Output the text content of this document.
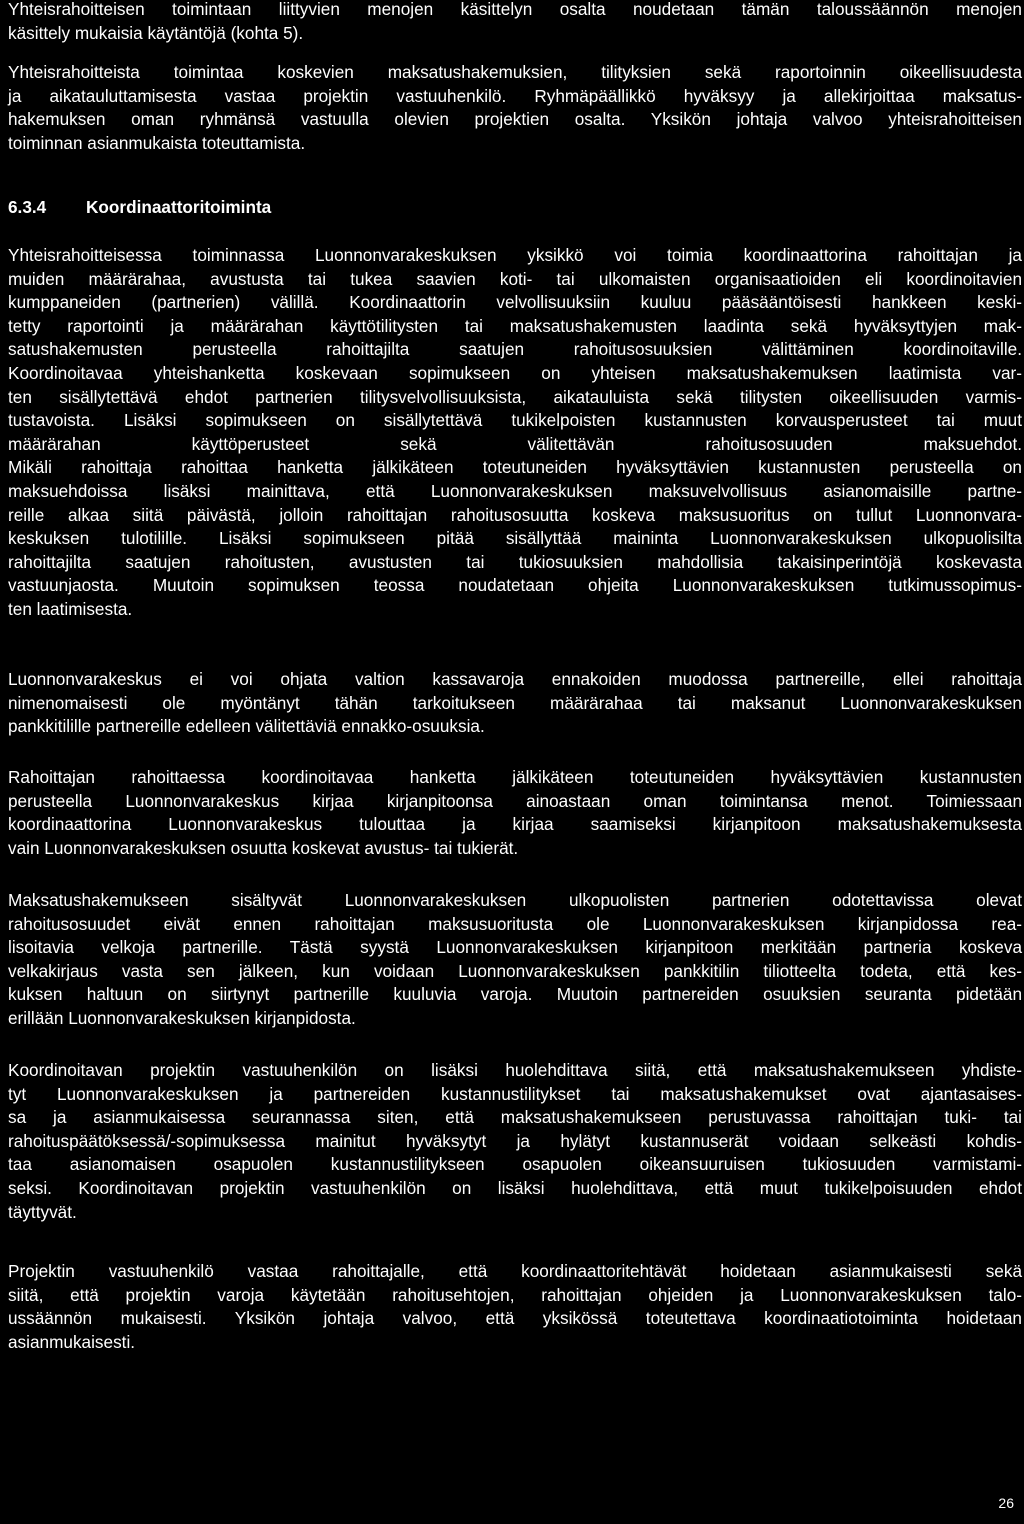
Yhteisrahoitteisen toimintaan liittyvien menojen käsittelyn osalta noudetaan tämän taloussäännön menojen
käsittely mukaisia käytäntöjä (kohta 5).

Yhteisrahoitteista toimintaa koskevien maksatushakemuksien, tilityksien sekä raportoinnin oikeellisuudesta
ja aikatauluttamisesta vastaa projektin vastuuhenkilö. Ryhmäpäällikkö hyväksyy ja allekirjoittaa maksatus-
hakemuksen oman ryhmänsä vastuulla olevien projektien osalta. Yksikön johtaja valvoo yhteisrahoitteisen
toiminnan asianmukaista toteuttamista.

6.3.4 Koordinaattoritoiminta

Yhteisrahoitteisessa toiminnassa Luonnonvarakeskuksen yksikkö voi toimia koordinaattorina rahoittajan ja
muiden määrärahaa, avustusta tai tukea saavien koti- tai ulkomaisten organisaatioiden eli koordinoitavien
kumppaneiden (partnerien) välillä. Koordinaattorin velvollisuuksiin kuuluu pääsääntöisesti hankkeen keski-
tetty raportointi ja määrärahan käyttötilitysten tai maksatushakemusten laadinta sekä hyväksyttyjen mak-
satushakemusten perusteella rahoittajilta saatujen rahoitusosuuksien välittäminen koordinoitaville.
Koordinoitavaa yhteishanketta koskevaan sopimukseen on yhteisen maksatushakemuksen laatimista var-
ten sisällytettävä ehdot partnerien tilitysvelvollisuuksista, aikatauluista sekä tilitysten oikeellisuuden varmis-
tustavoista. Lisäksi sopimukseen on sisällytettävä tukikelpoisten kustannusten korvausperusteet tai muut
määrärahan käyttöperusteet sekä välitettävän rahoitusosuuden maksuehdot.
Mikäli rahoittaja rahoittaa hanketta jälkikäteen toteutuneiden hyväksyttävien kustannusten perusteella on
maksuehdoissa lisäksi mainittava, että Luonnonvarakeskuksen maksuvelvollisuus asianomaisille partne-
reille alkaa siitä päivästä, jolloin rahoittajan rahoitusosuutta koskeva maksusuoritus on tullut Luonnonvara-
keskuksen tulotilille. Lisäksi sopimukseen pitää sisällyttää maininta Luonnonvarakeskuksen ulkopuolisilta
rahoittajilta saatujen rahoitusten, avustusten tai tukiosuuksien mahdollisia takaisinperintöjä koskevasta
vastuunjaosta. Muutoin sopimuksen teossa noudatetaan ohjeita Luonnonvarakeskuksen tutkimussopimus-
ten laatimisesta.

Luonnonvarakeskus ei voi ohjata valtion kassavaroja ennakoiden muodossa partnereille, ellei rahoittaja
nimenomaisesti ole myöntänyt tähän tarkoitukseen määrärahaa tai maksanut Luonnonvarakeskuksen
pankkitilille partnereille edelleen välitettäviä ennakko-osuuksia.

Rahoittajan rahoittaessa koordinoitavaa hanketta jälkikäteen toteutuneiden hyväksyttävien kustannusten
perusteella Luonnonvarakeskus kirjaa kirjanpitoonsa ainoastaan oman toimintansa menot. Toimiessaan
koordinaattorina Luonnonvarakeskus tulouttaa ja kirjaa saamiseksi kirjanpitoon maksatushakemuksesta
vain Luonnonvarakeskuksen osuutta koskevat avustus- tai tukierät.

Maksatushakemukseen sisältyvät Luonnonvarakeskuksen ulkopuolisten partnerien odotettavissa olevat
rahoitusosuudet eivät ennen rahoittajan maksusuoritusta ole Luonnonvarakeskuksen kirjanpidossa rea-
lisoitavia velkoja partnerille. Tästä syystä Luonnonvarakeskuksen kirjanpitoon merkitään partneria koskeva
velkakirjaus vasta sen jälkeen, kun voidaan Luonnonvarakeskuksen pankkitilin tiliotteelta todeta, että kes-
kuksen haltuun on siirtynyt partnerille kuuluvia varoja. Muutoin partnereiden osuuksien seuranta pidetään
erillään Luonnonvarakeskuksen kirjanpidosta.

Koordinoitavan projektin vastuuhenkilön on lisäksi huolehdittava siitä, että maksatushakemukseen yhdiste-
tyt Luonnonvarakeskuksen ja partnereiden kustannustilitykset tai maksatushakemukset ovat ajantasaises-
sa ja asianmukaisessa seurannassa siten, että maksatushakemukseen perustuvassa rahoittajan tuki- tai
rahoituspäätöksessä/-sopimuksessa mainitut hyväksytyt ja hylätyt kustannuserät voidaan selkeästi kohdis-
taa asianomaisen osapuolen kustannustilitykseen osapuolen oikeansuuruisen tukiosuuden varmistami-
seksi. Koordinoitavan projektin vastuuhenkilön on lisäksi huolehdittava, että muut tukikelpoisuuden ehdot
täyttyvät.

Projektin vastuuhenkilö vastaa rahoittajalle, että koordinaattoritehtävät hoidetaan asianmukaisesti sekä
siitä, että projektin varoja käytetään rahoitusehtojen, rahoittajan ohjeiden ja Luonnonvarakeskuksen talo-
ussäännön mukaisesti. Yksikön johtaja valvoo, että yksikössä toteutettava koordinaatiotoiminta hoidetaan
asianmukaisesti.

26
